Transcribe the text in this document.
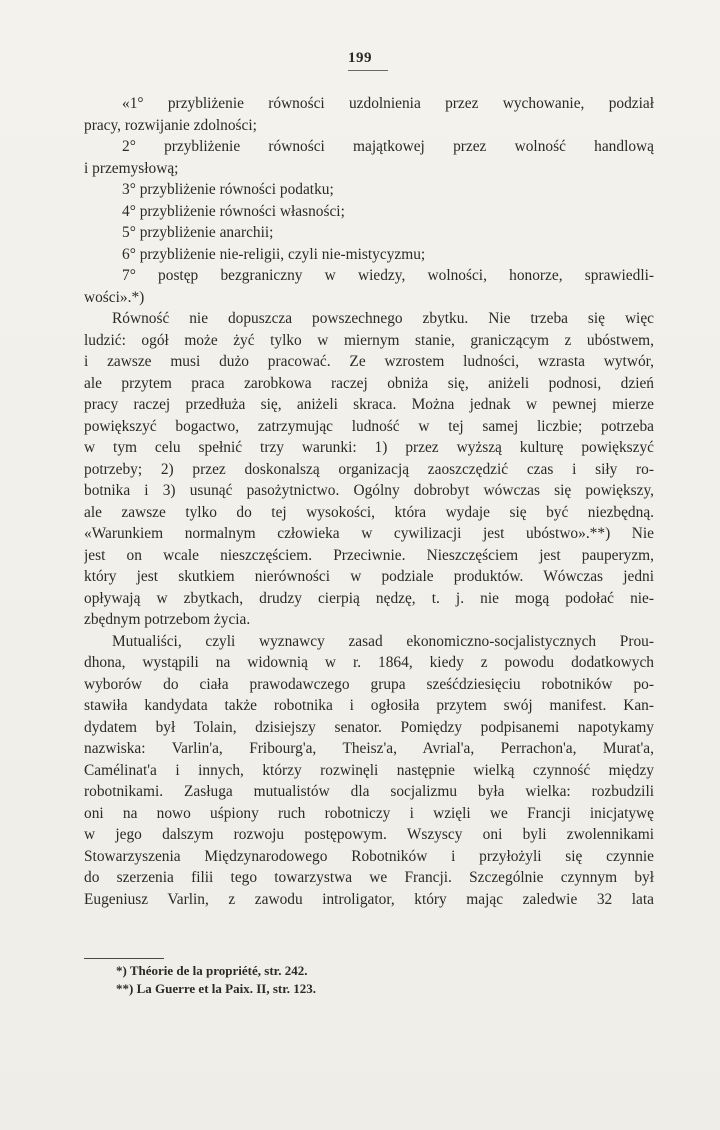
199
«1° przybliżenie równości uzdolnienia przez wychowanie, podział
pracy, rozwijanie zdolności;
2° przybliżenie równości majątkowej przez wolność handlową
i przemysłową;
3° przybliżenie równości podatku;
4° przybliżenie równości własności;
5° przybliżenie anarchii;
6° przybliżenie nie-religii, czyli nie-mistycyzmu;
7° postęp bezgraniczny w wiedzy, wolności, honorze, sprawiedli-
wości».*)
Równość nie dopuszcza powszechnego zbytku. Nie trzeba się więc
ludzić: ogół może żyć tylko w miernym stanie, graniczącym z ubóstwem,
i zawsze musi dużo pracować. Ze wzrostem ludności, wzrasta wytwór,
ale przytem praca zarobkowa raczej obniża się, aniżeli podnosi, dzień
pracy raczej przedłuża się, aniżeli skraca. Można jednak w pewnej mierze
powiększyć bogactwo, zatrzymując ludność w tej samej liczbie; potrzeba
w tym celu spełnić trzy warunki: 1) przez wyższą kulturę powiększyć
potrzeby; 2) przez doskonalszą organizacją zaoszczędzić czas i siły ro-
botnika i 3) usunąć pasożytnictwo. Ogólny dobrobyt wówczas się powiększy,
ale zawsze tylko do tej wysokości, która wydaje się być niezbędną.
«Warunkiem normalnym człowieka w cywilizacji jest ubóstwo».**) Nie
jest on wcale nieszczęściem. Przeciwnie. Nieszczęściem jest pauperyzm,
który jest skutkiem nierówności w podziale produktów. Wówczas jedni
opływają w zbytkach, drudzy cierpią nędzę, t. j. nie mogą podołać nie-
zbędnym potrzebom życia.
Mutualiści, czyli wyznawcy zasad ekonomiczno-socjalistycznych Prou-
dhona, wystąpili na widownią w r. 1864, kiedy z powodu dodatkowych
wyborów do ciała prawodawczego grupa sześćdziesięciu robotników po-
stawiła kandydata także robotnika i ogłosiła przytem swój manifest. Kan-
dydatem był Tolain, dzisiejszy senator. Pomiędzy podpisanemi napotykamy
nazwiska: Varlin'a, Fribourg'a, Theisz'a, Avrial'a, Perrachon'a, Murat'a,
Camélinat'a i innych, którzy rozwinęli następnie wielką czynność między
robotnikami. Zasługa mutualistów dla socjalizmu była wielka: rozbudzili
oni na nowo uśpiony ruch robotniczy i wzięli we Francji inicjatywę
w jego dalszym rozwoju postępowym. Wszyscy oni byli zwolennikami
Stowarzyszenia Międzynarodowego Robotników i przyłożyli się czynnie
do szerzenia filii tego towarzystwa we Francji. Szczególnie czynnym był
Eugeniusz Varlin, z zawodu introligator, który mając zaledwie 32 lata
*) Théorie de la propriété, str. 242.
**) La Guerre et la Paix. II, str. 123.
